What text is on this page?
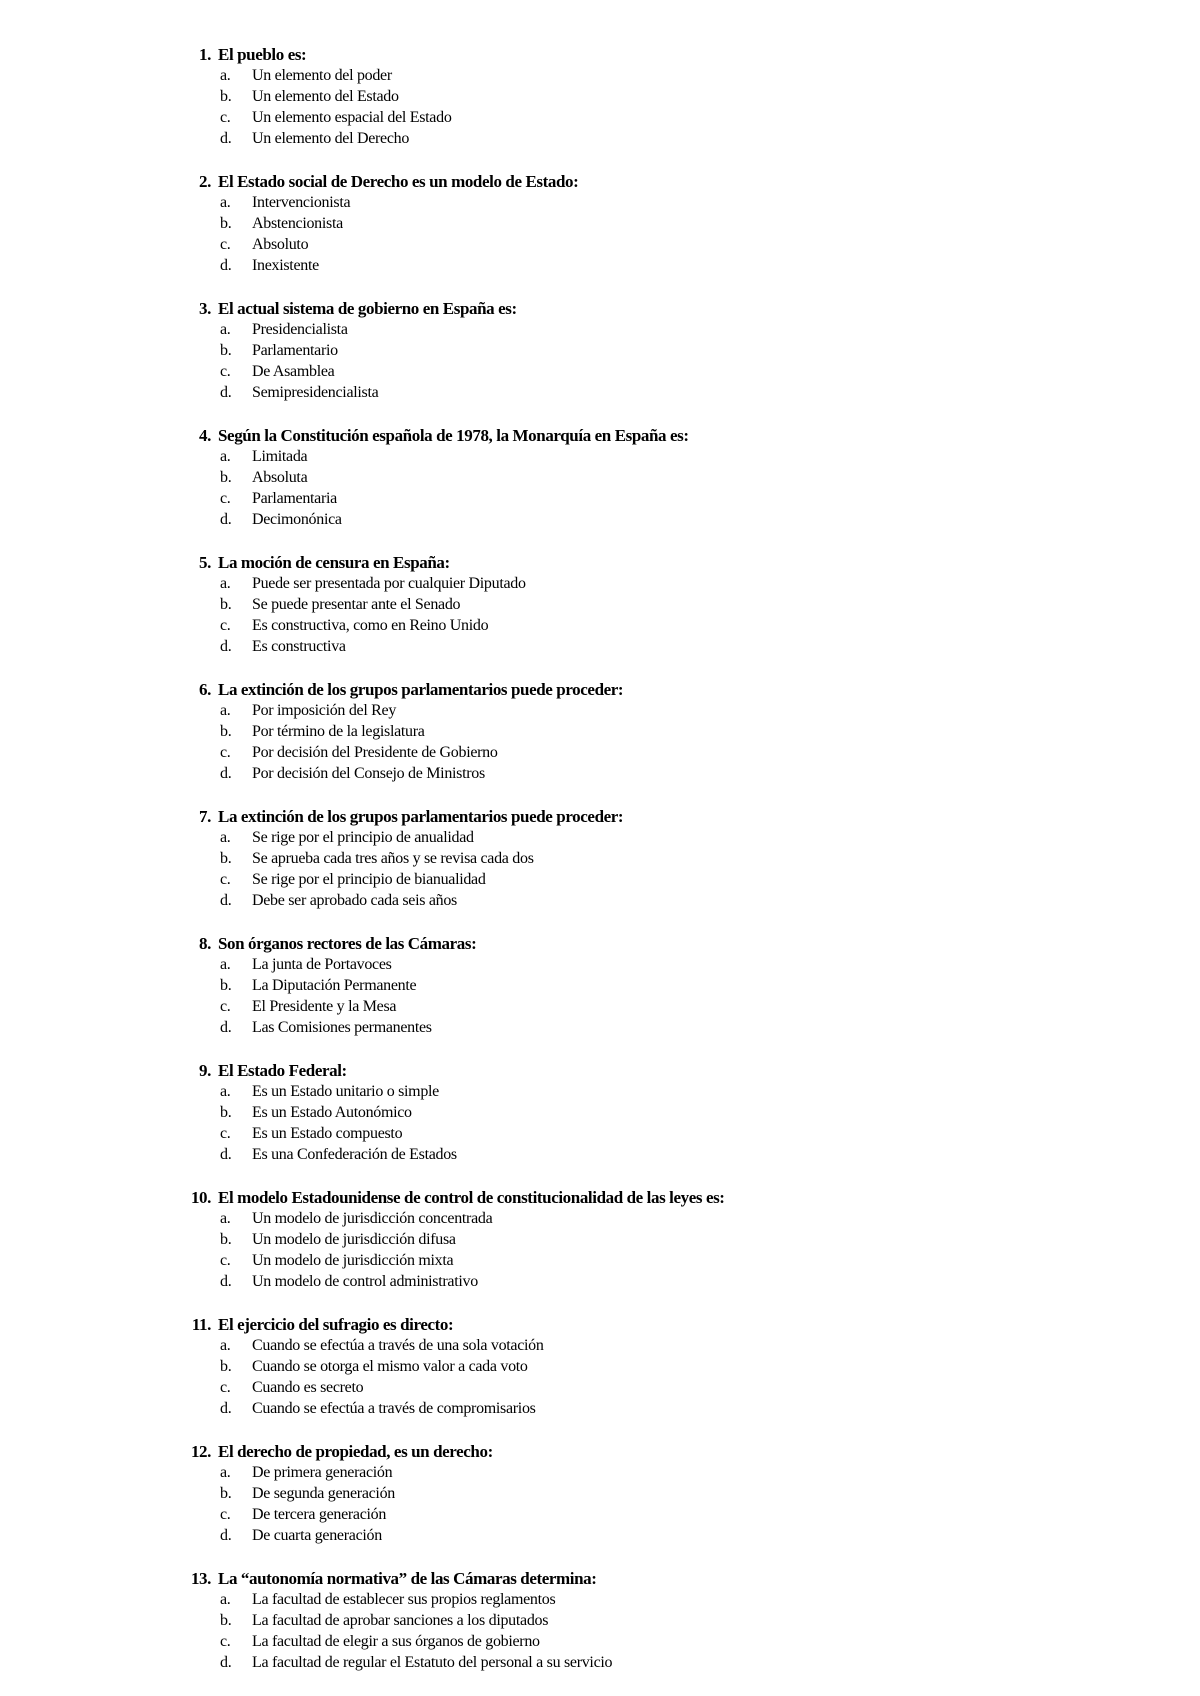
1. El pueblo es:
a.	Un elemento del poder
b.	Un elemento del Estado
c.	Un elemento espacial del Estado
d.	Un elemento del Derecho
2. El Estado social de Derecho es un modelo de Estado:
a.	Intervencionista
b.	Abstencionista
c.	Absoluto
d.	Inexistente
3. El actual sistema de gobierno en España es:
a.	Presidencialista
b.	Parlamentario
c.	De Asamblea
d.	Semipresidencialista
4. Según la Constitución española de 1978, la Monarquía en España es:
a.	Limitada
b.	Absoluta
c.	Parlamentaria
d.	Decimonónica
5. La moción de censura en España:
a.	Puede ser presentada por cualquier Diputado
b.	Se puede presentar ante el Senado
c.	Es constructiva, como en Reino Unido
d.	Es constructiva
6. La extinción de los grupos parlamentarios puede proceder:
a.	Por imposición del Rey
b.	Por término de la legislatura
c.	Por decisión del Presidente de Gobierno
d.	Por decisión del Consejo de Ministros
7. La extinción de los grupos parlamentarios puede proceder:
a.	Se rige por el principio de anualidad
b.	Se aprueba cada tres años y se revisa cada dos
c.	Se rige por el principio de bianualidad
d.	Debe ser aprobado cada seis años
8. Son órganos rectores de las Cámaras:
a.	La junta de Portavoces
b.	La Diputación Permanente
c.	El Presidente y la Mesa
d.	Las Comisiones permanentes
9. El Estado Federal:
a.	Es un Estado unitario o simple
b.	Es un Estado Autonómico
c.	Es un Estado compuesto
d.	Es una Confederación de Estados
10. El modelo Estadounidense de control de constitucionalidad de las leyes es:
a.	Un modelo de jurisdicción concentrada
b.	Un modelo de jurisdicción difusa
c.	Un modelo de jurisdicción mixta
d.	Un modelo de control administrativo
11. El ejercicio del sufragio es directo:
a.	Cuando se efectúa a través de una sola votación
b.	Cuando se otorga el mismo valor a cada voto
c.	Cuando es secreto
d.	Cuando se efectúa a través de compromisarios
12. El derecho de propiedad, es un derecho:
a.	De primera generación
b.	De segunda generación
c.	De tercera generación
d.	De cuarta generación
13. La “autonomía normativa” de las Cámaras determina:
a.	La facultad de establecer sus propios reglamentos
b.	La facultad de aprobar sanciones a los diputados
c.	La facultad de elegir a sus órganos de gobierno
d.	La facultad de regular el Estatuto del personal a su servicio
